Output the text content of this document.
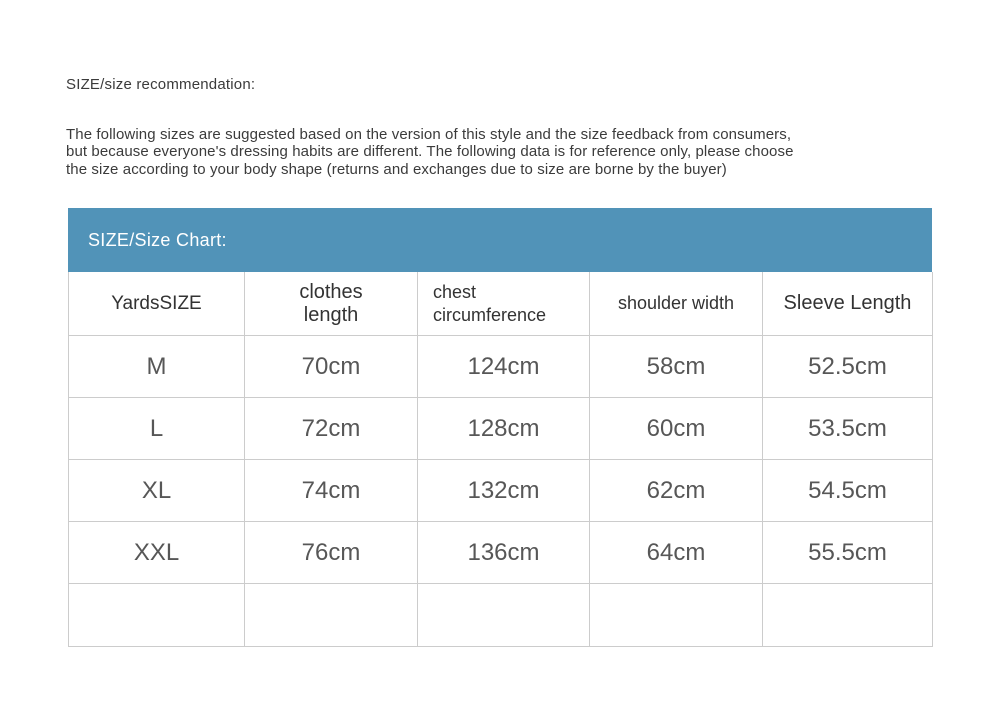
SIZE/size recommendation:
The following sizes are suggested based on the version of this style and the size feedback from consumers,
but because everyone's dressing habits are different. The following data is for reference only, please choose
the size according to your body shape (returns and exchanges due to size are borne by the buyer)
SIZE/Size Chart:
YardsSIZE	clothes length	chest circumference	shoulder width	Sleeve Length
M	70cm	124cm	58cm	52.5cm
L	72cm	128cm	60cm	53.5cm
XL	74cm	132cm	62cm	54.5cm
XXL	76cm	136cm	64cm	55.5cm
